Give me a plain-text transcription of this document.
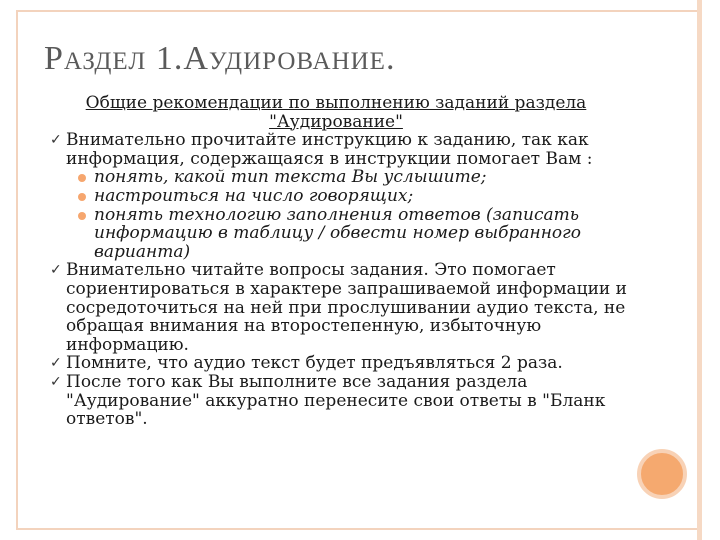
РАЗДЕЛ 1.АУДИРОВАНИЕ.
Общие рекомендации по выполнению заданий раздела "Аудирование"
✓ Внимательно прочитайте инструкцию к заданию, так как информация, содержащаяся в инструкции помогает Вам :
понять, какой тип текста Вы услышите;
настроиться на число говорящих;
понять технологию заполнения ответов (записать информацию в таблицу / обвести номер выбранного варианта)
✓ Внимательно читайте вопросы задания. Это помогает сориентироваться в характере запрашиваемой информации и сосредоточиться на ней при прослушивании аудио текста, не обращая внимания на второстепенную, избыточную информацию.
✓ Помните, что аудио текст будет предъявляться 2 раза.
✓ После того как Вы выполните все задания раздела "Аудирование" аккуратно перенесите свои ответы в "Бланк ответов".
